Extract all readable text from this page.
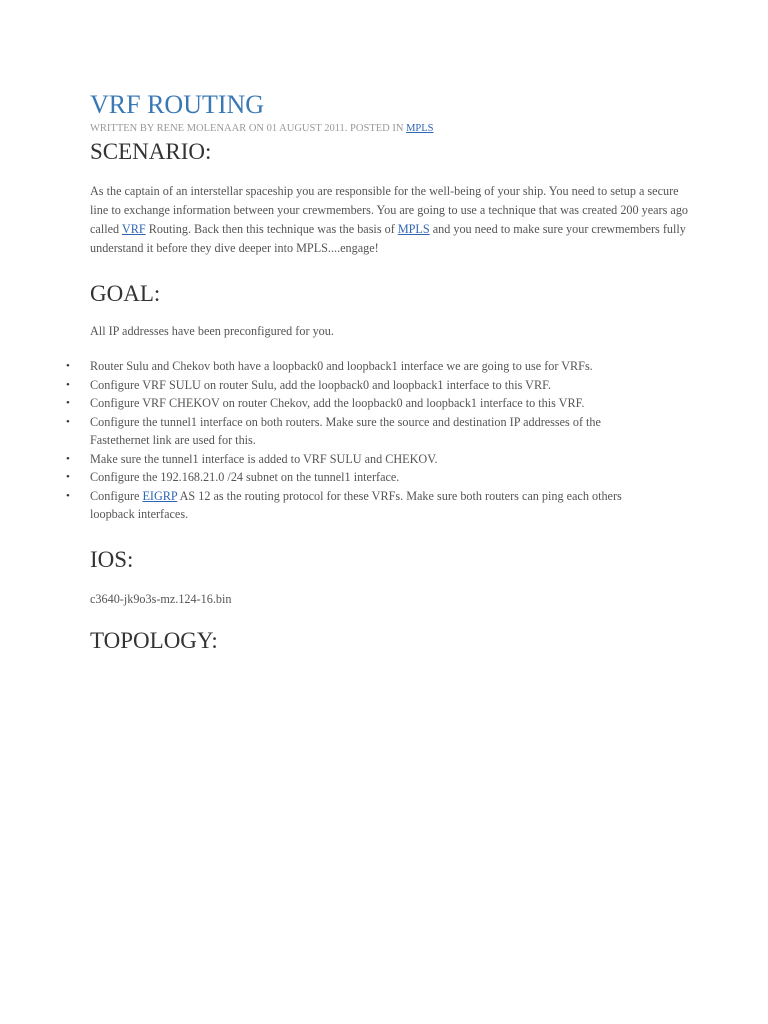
VRF ROUTING

WRITTEN BY RENE MOLENAAR ON 01 AUGUST 2011. POSTED IN MPLS

SCENARIO:

As the captain of an interstellar spaceship you are responsible for the well-being of your ship. You need to setup a secure line to exchange information between your crewmembers. You are going to use a technique that was created 200 years ago called VRF Routing. Back then this technique was the basis of MPLS and you need to make sure your crewmembers fully understand it before they dive deeper into MPLS....engage!

GOAL:

All IP addresses have been preconfigured for you.

• Router Sulu and Chekov both have a loopback0 and loopback1 interface we are going to use for VRFs.
• Configure VRF SULU on router Sulu, add the loopback0 and loopback1 interface to this VRF.
• Configure VRF CHEKOV on router Chekov, add the loopback0 and loopback1 interface to this VRF.
• Configure the tunnel1 interface on both routers. Make sure the source and destination IP addresses of the Fastethernet link are used for this.
• Make sure the tunnel1 interface is added to VRF SULU and CHEKOV.
• Configure the 192.168.21.0 /24 subnet on the tunnel1 interface.
• Configure EIGRP AS 12 as the routing protocol for these VRFs. Make sure both routers can ping each others loopback interfaces.
IOS:

c3640-jk9o3s-mz.124-16.bin

TOPOLOGY:
